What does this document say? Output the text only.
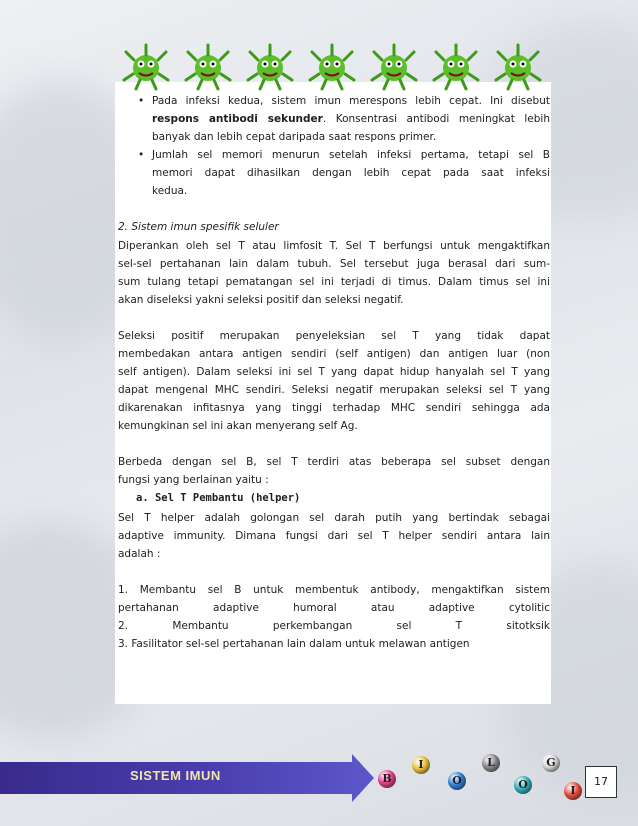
• Pada infeksi kedua, sistem imun merespons lebih cepat. Ini disebut
respons antibodi sekunder. Konsentrasi antibodi meningkat lebih
banyak dan lebih cepat daripada saat respons primer.
• Jumlah sel memori menurun setelah infeksi pertama, tetapi sel B
memori dapat dihasilkan dengan lebih cepat pada saat infeksi
kedua.
2. Sistem imun spesifik seluler
Diperankan oleh sel T atau limfosit T. Sel T berfungsi untuk mengaktifkan
sel-sel pertahanan lain dalam tubuh. Sel tersebut juga berasal dari sum-
sum tulang tetapi pematangan sel ini terjadi di timus. Dalam timus sel ini
akan diseleksi yakni seleksi positif dan seleksi negatif.
Seleksi positif merupakan penyeleksian sel T yang tidak dapat
membedakan antara antigen sendiri (self antigen) dan antigen luar (non
self antigen). Dalam seleksi ini sel T yang dapat hidup hanyalah sel T yang
dapat mengenal MHC sendiri. Seleksi negatif merupakan seleksi sel T yang
dikarenakan infitasnya yang tinggi terhadap MHC sendiri sehingga ada
kemungkinan sel ini akan menyerang self Ag.
Berbeda dengan sel B, sel T terdiri atas beberapa sel subset dengan
fungsi yang berlainan yaitu :
a. Sel T Pembantu (helper)
Sel T helper adalah golongan sel darah putih yang bertindak sebagai
adaptive immunity. Dimana fungsi dari sel T helper sendiri antara lain
adalah :
1. Membantu sel B untuk membentuk antibody, mengaktifkan sistem
pertahanan adaptive humoral atau adaptive cytolitic
2. Membantu perkembangan sel T sitotksik
3. Fasilitator sel-sel pertahanan lain dalam untuk melawan antigen
SISTEM IMUN	B
I
O
L
O
G
I
17
